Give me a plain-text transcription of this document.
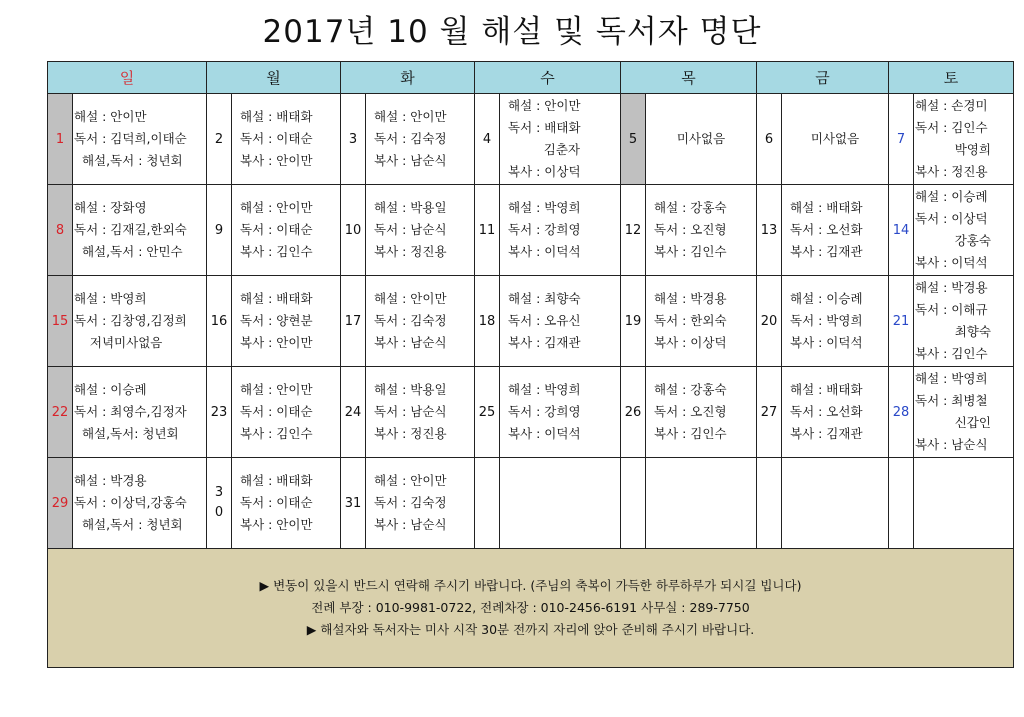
2017년 10 월 해설 및 독서자 명단
일		월		화		수		목		금		토	
1	해설 : 안이만
독서 : 김덕희,이태순
해설,독서 : 청년회	2	해설 : 배태화
독서 : 이태순
복사 : 안이만	3	해설 : 안이만
독서 : 김숙정
복사 : 남순식	4	해설 : 안이만
독서 : 배태화
김춘자
복사 : 이상덕	5	미사없음	6	미사없음	7	해설 : 손경미
독서 : 김인수
박영희
복사 : 정진용

8	해설 : 장화영
독서 : 김재길,한외숙
해설,독서 : 안민수	9	해설 : 안이만
독서 : 이태순
복사 : 김인수	10	해설 : 박용일
독서 : 남순식
복사 : 정진용	11	해설 : 박영희
독서 : 강희영
복사 : 이덕석	12	해설 : 강홍숙
독서 : 오진형
복사 : 김인수	13	해설 : 배태화
독서 : 오선화
복사 : 김재관	14	해설 : 이승례
독서 : 이상덕
강홍숙
복사 : 이덕석

15	해설 : 박영희
독서 : 김창영,김정희
저녁미사없음	16	해설 : 배태화
독서 : 양현분
복사 : 안이만	17	해설 : 안이만
독서 : 김숙정
복사 : 남순식	18	해설 : 최향숙
독서 : 오유신
복사 : 김재관	19	해설 : 박경용
독서 : 한외숙
복사 : 이상덕	20	해설 : 이승례
독서 : 박영희
복사 : 이덕석	21	해설 : 박경용
독서 : 이해규
최향숙
복사 : 김인수

22	해설 : 이승례
독서 : 최영수,김정자
해설,독서: 청년회	23	해설 : 안이만
독서 : 이태순
복사 : 김인수	24	해설 : 박용일
독서 : 남순식
복사 : 정진용	25	해설 : 박영희
독서 : 강희영
복사 : 이덕석	26	해설 : 강홍숙
독서 : 오진형
복사 : 김인수	27	해설 : 배태화
독서 : 오선화
복사 : 김재관	28	해설 : 박영희
독서 : 최병철
신갑인
복사 : 남순식

29	해설 : 박경용
독서 : 이상덕,강홍숙
해설,독서 : 청년회	3
0	해설 : 배태화
독서 : 이태순
복사 : 안이만	31	해설 : 안이만
독서 : 김숙정
복사 : 남순식								

▶ 변동이 있을시 반드시 연락해 주시기 바랍니다. (주님의 축복이 가득한 하루하루가 되시길 빕니다)
전례 부장 : 010-9981-0722, 전례차장 : 010-2456-6191 사무실 : 289-7750
▶ 해설자와 독서자는 미사 시작 30분 전까지 자리에 앉아 준비해 주시기 바랍니다.													
